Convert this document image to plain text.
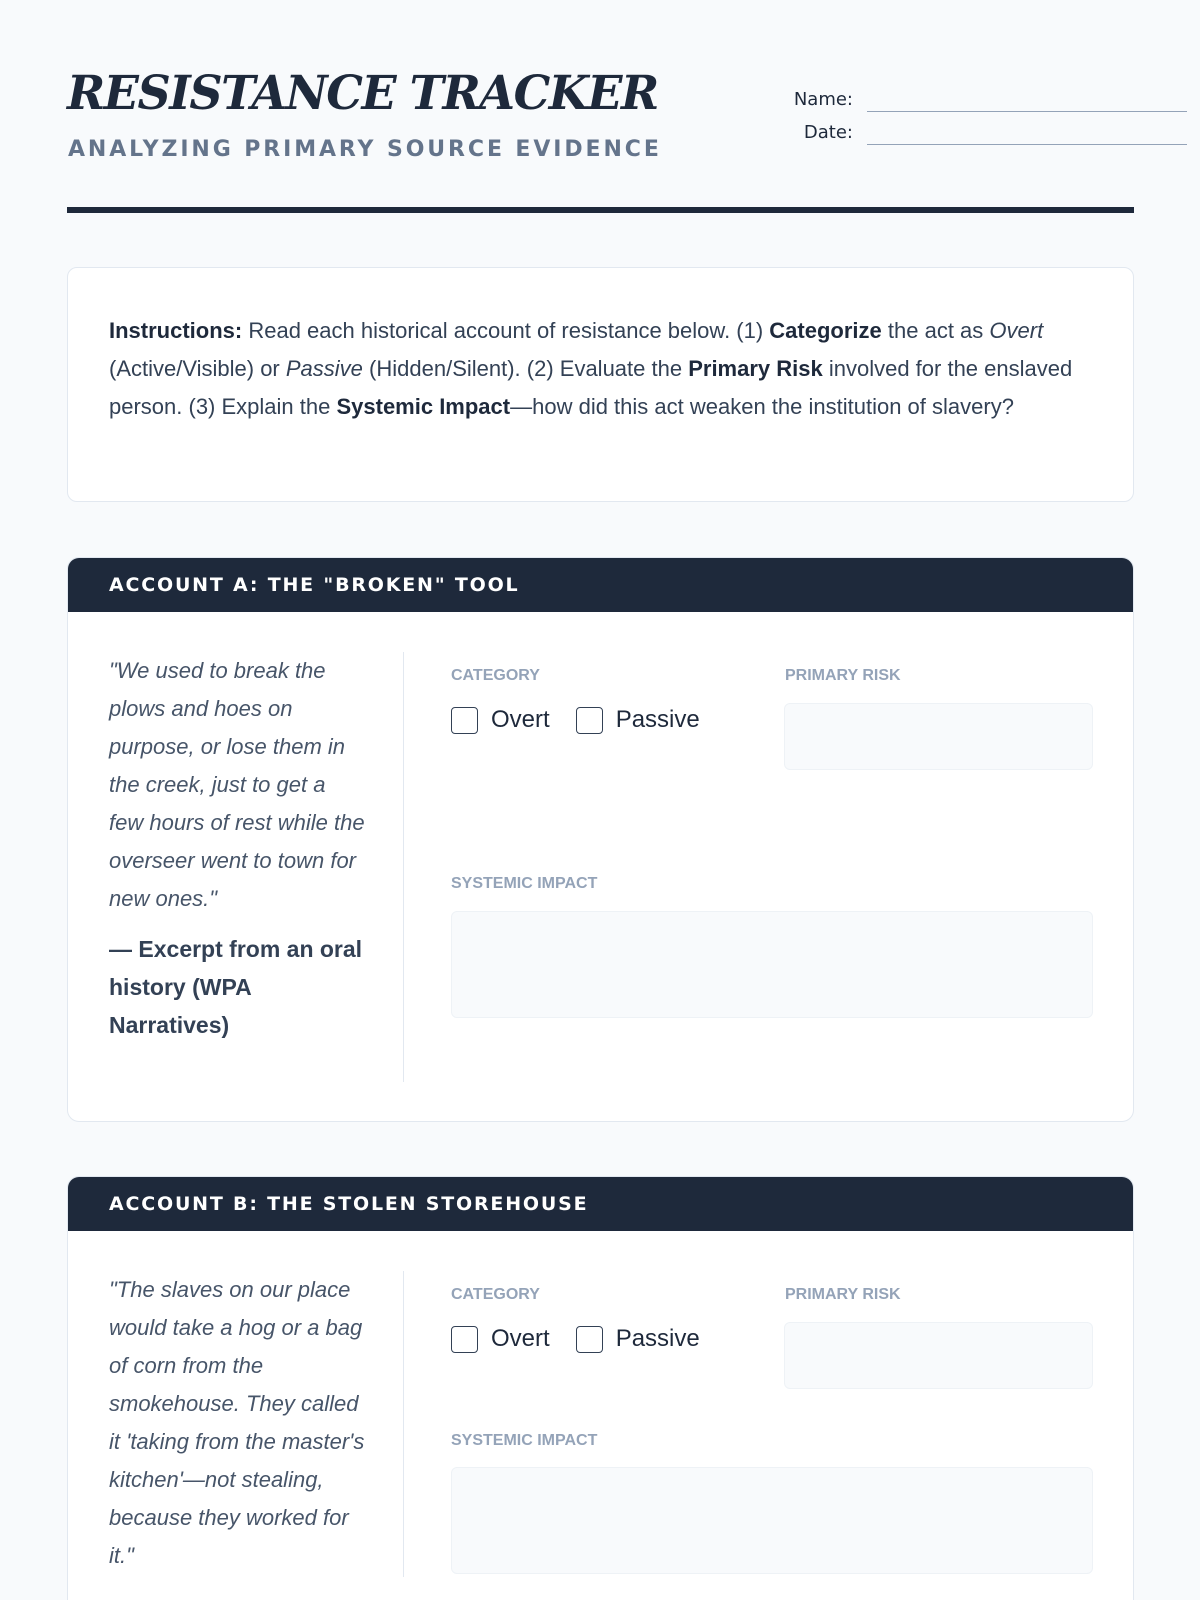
RESISTANCE TRACKER
ANALYZING PRIMARY SOURCE EVIDENCE
Name:
Date:
Instructions: Read each historical account of resistance below. (1) Categorize the act as Overt (Active/Visible) or Passive (Hidden/Silent). (2) Evaluate the Primary Risk involved for the enslaved person. (3) Explain the Systemic Impact—how did this act weaken the institution of slavery?
ACCOUNT A: THE "BROKEN" TOOL
"We used to break the plows and hoes on purpose, or lose them in the creek, just to get a few hours of rest while the overseer went to town for new ones."
— Excerpt from an oral history (WPA Narratives)
CATEGORY
Overt	Passive
PRIMARY RISK
SYSTEMIC IMPACT
ACCOUNT B: THE STOLEN STOREHOUSE
"The slaves on our place would take a hog or a bag of corn from the smokehouse. They called it 'taking from the master's kitchen'—not stealing, because they worked for it."
CATEGORY
Overt	Passive
PRIMARY RISK
SYSTEMIC IMPACT
